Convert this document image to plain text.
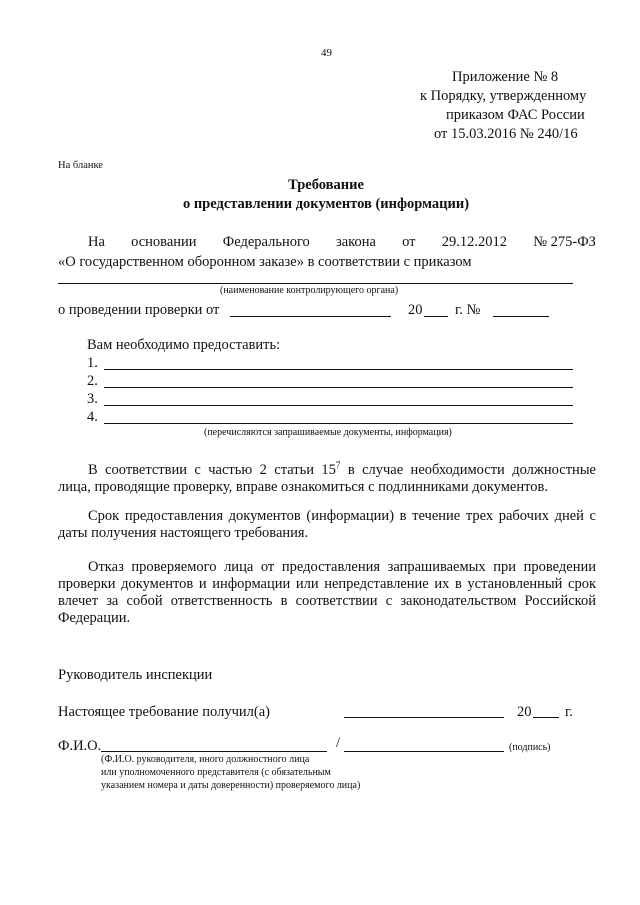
49
Приложение № 8
к Порядку, утвержденному
приказом ФАС России
от 15.03.2016 № 240/16
На бланке
Требование
о представлении документов (информации)
На основании Федерального закона от 29.12.2012 № 275-ФЗ
«О государственном оборонном заказе» в соответствии с приказом
(наименование контролирующего органа)
о проведении проверки от	20 г. №
Вам необходимо предоставить:
1.
2.
3.
4.
(перечисляются запрашиваемые документы, информация)
В соответствии с частью 2 статьи $15^7$ в случае необходимости должностные
лица, проводящие проверку, вправе ознакомиться с подлинниками документов.
Срок предоставления документов (информации) в течение трех рабочих дней с
даты получения настоящего требования.
Отказ проверяемого лица от предоставления запрашиваемых при проведении
проверки документов и информации или непредставление их в установленный срок
влечет за собой ответственность в соответствии с законодательством Российской
Федерации.
Руководитель инспекции
Настоящее требование получил(а)	20 г.
Ф.И.О.	/	(подпись)
(Ф.И.О. руководителя, иного должностного лица
или уполномоченного представителя (с обязательным
указанием номера и даты доверенности) проверяемого лица)
